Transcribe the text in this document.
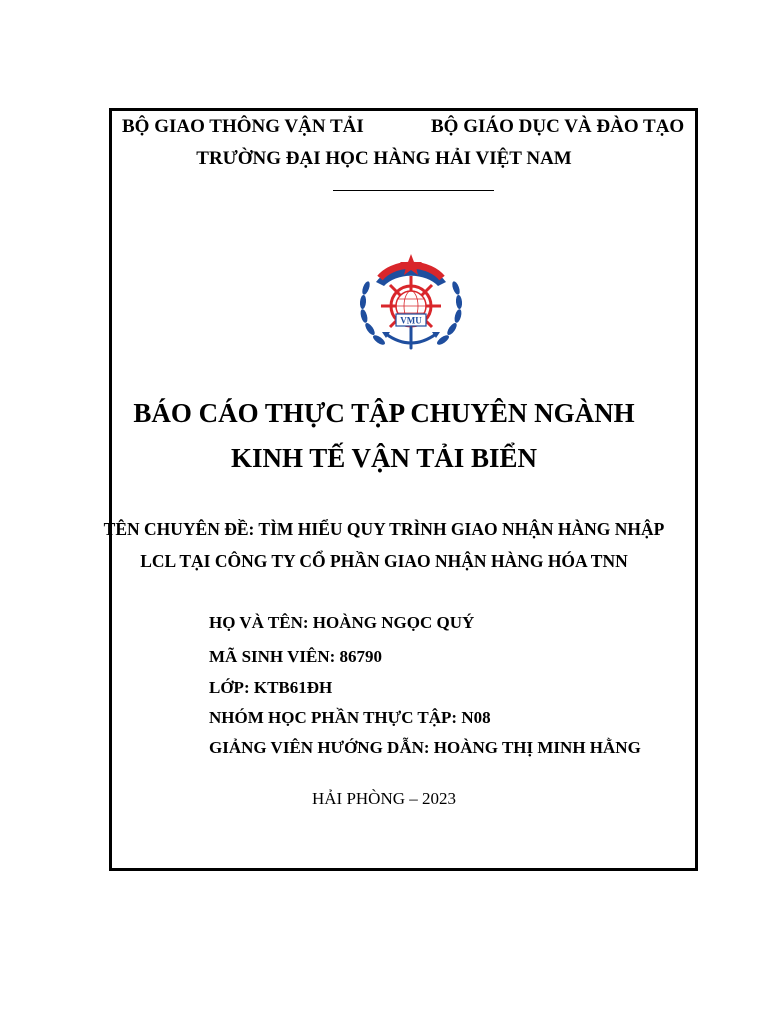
BỘ GIAO THÔNG VẬN TẢI	BỘ GIÁO DỤC VÀ ĐÀO TẠO
TRƯỜNG ĐẠI HỌC HÀNG HẢI VIỆT NAM
VMU
BÁO CÁO THỰC TẬP CHUYÊN NGÀNH
KINH TẾ VẬN TẢI BIỂN
TÊN CHUYÊN ĐỀ: TÌM HIỂU QUY TRÌNH GIAO NHẬN HÀNG NHẬP
LCL TẠI CÔNG TY CỔ PHẦN GIAO NHẬN HÀNG HÓA TNN
HỌ VÀ TÊN: HOÀNG NGỌC QUÝ
MÃ SINH VIÊN: 86790
LỚP: KTB61ĐH
NHÓM HỌC PHẦN THỰC TẬP: N08
GIẢNG VIÊN HƯỚNG DẪN: HOÀNG THỊ MINH HẰNG
HẢI PHÒNG – 2023
